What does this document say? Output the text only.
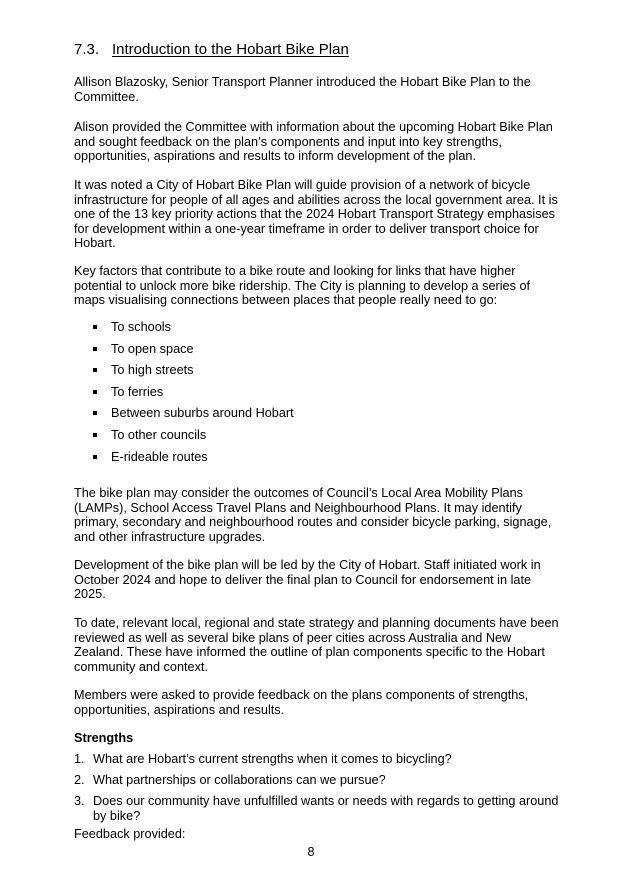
7.3. Introduction to the Hobart Bike Plan

Allison Blazosky, Senior Transport Planner introduced the Hobart Bike Plan to the Committee.

Alison provided the Committee with information about the upcoming Hobart Bike Plan and sought feedback on the plan’s components and input into key strengths, opportunities, aspirations and results to inform development of the plan.

It was noted a City of Hobart Bike Plan will guide provision of a network of bicycle infrastructure for people of all ages and abilities across the local government area. It is one of the 13 key priority actions that the 2024 Hobart Transport Strategy emphasises for development within a one-year timeframe in order to deliver transport choice for Hobart.

Key factors that contribute to a bike route and looking for links that have higher potential to unlock more bike ridership. The City is planning to develop a series of maps visualising connections between places that people really need to go:

To schools
To open space
To high streets
To ferries
Between suburbs around Hobart
To other councils
E-rideable routes

The bike plan may consider the outcomes of Council’s Local Area Mobility Plans (LAMPs), School Access Travel Plans and Neighbourhood Plans. It may identify primary, secondary and neighbourhood routes and consider bicycle parking, signage, and other infrastructure upgrades.

Development of the bike plan will be led by the City of Hobart. Staff initiated work in October 2024 and hope to deliver the final plan to Council for endorsement in late 2025.

To date, relevant local, regional and state strategy and planning documents have been reviewed as well as several bike plans of peer cities across Australia and New Zealand. These have informed the outline of plan components specific to the Hobart community and context.

Members were asked to provide feedback on the plans components of strengths, opportunities, aspirations and results.

Strengths
1. What are Hobart’s current strengths when it comes to bicycling?
2. What partnerships or collaborations can we pursue?
3. Does our community have unfulfilled wants or needs with regards to getting around by bike?
Feedback provided:
8
